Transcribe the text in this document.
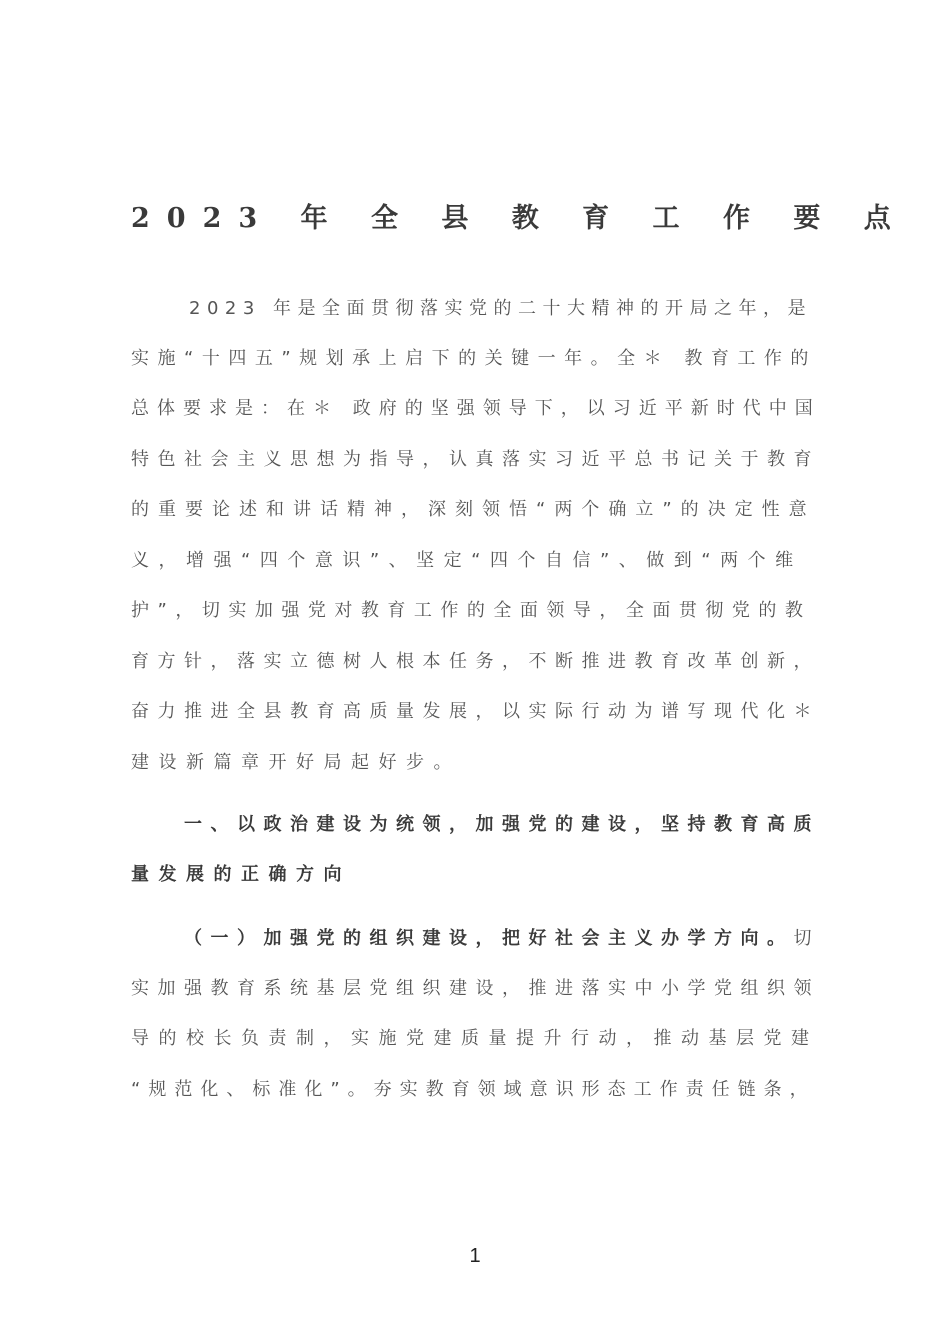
2023 年 全 县 教 育 工 作 要 点

2023 年是全面贯彻落实党的二十大精神的开局之年，是

实施“十四五”规划承上启下的关键一年。全＊ 教育工作的

总体要求是：在＊ 政府的坚强领导下，以习近平新时代中国

特色社会主义思想为指导，认真落实习近平总书记关于教育

的重要论述和讲话精神，深刻领悟“两个确立”的决定性意

义，增强“四个意识”、坚定“四个自信”、做到“两个维

护”，切实加强党对教育工作的全面领导，全面贯彻党的教

育方针，落实立德树人根本任务，不断推进教育改革创新，

奋力推进全县教育高质量发展，以实际行动为谱写现代化＊

建设新篇章开好局起好步。

一、以政治建设为统领，加强党的建设，坚持教育高质

量发展的正确方向

（一）加强党的组织建设，把好社会主义办学方向。切

实加强教育系统基层党组织建设，推进落实中小学党组织领

导的校长负责制，实施党建质量提升行动，推动基层党建

“规范化、标准化”。夯实教育领域意识形态工作责任链条，

1
